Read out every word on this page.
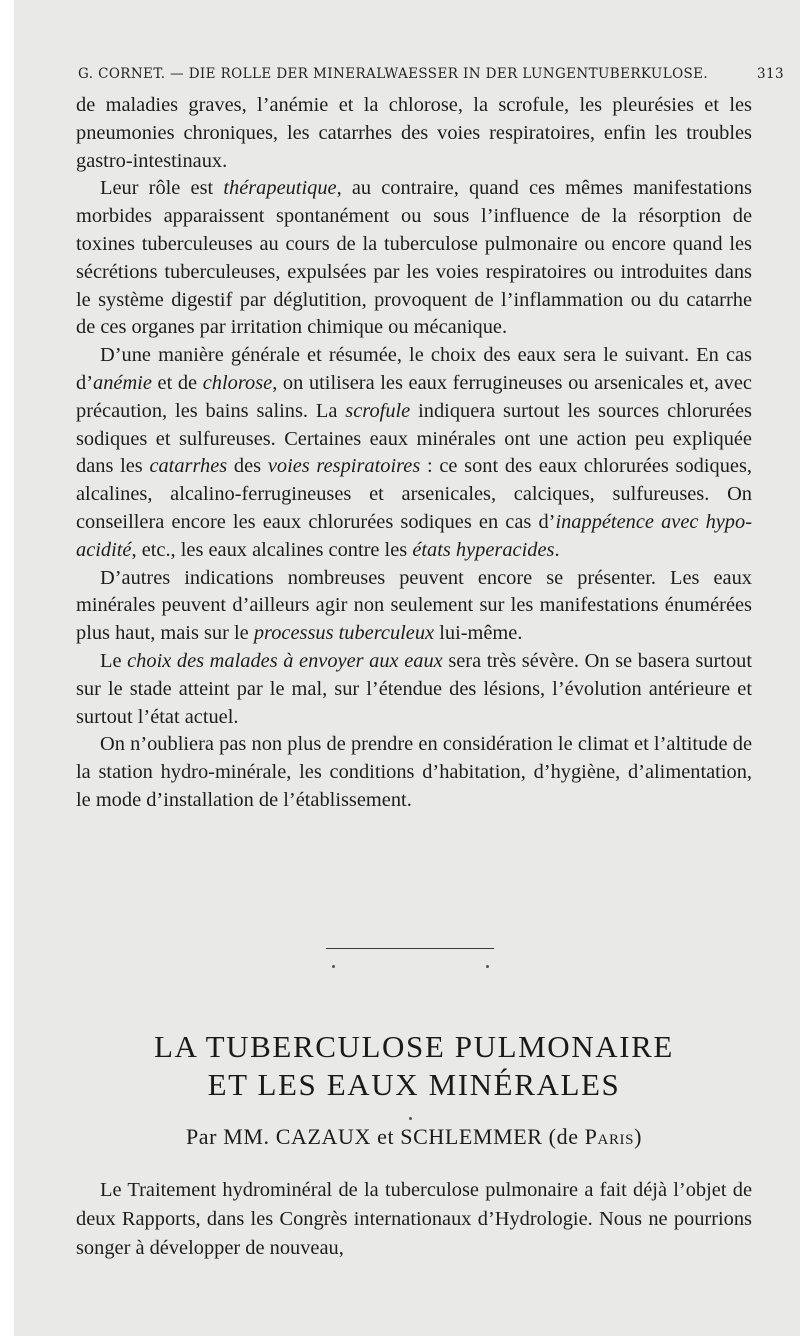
G. CORNET. — DIE ROLLE DER MINERALWAESSER IN DER LUNGENTUBERKULOSE.	313

de maladies graves, l’anémie et la chlorose, la scrofule, les pleurésies et les pneumonies chroniques, les catarrhes des voies respiratoires, enfin les troubles gastro-intestinaux.

Leur rôle est thérapeutique, au contraire, quand ces mêmes manifestations morbides apparaissent spontanément ou sous l’influence de la résorption de toxines tuberculeuses au cours de la tuberculose pulmonaire ou encore quand les sécrétions tuberculeuses, expulsées par les voies respiratoires ou introduites dans le système digestif par déglutition, provoquent de l’inflammation ou du catarrhe de ces organes par irritation chimique ou mécanique.

D’une manière générale et résumée, le choix des eaux sera le suivant. En cas d’anémie et de chlorose, on utilisera les eaux ferrugineuses ou arsenicales et, avec précaution, les bains salins. La scrofule indiquera surtout les sources chlorurées sodiques et sulfureuses. Certaines eaux minérales ont une action peu expliquée dans les catarrhes des voies respiratoires : ce sont des eaux chlorurées sodiques, alcalines, alcalino-ferrugineuses et arsenicales, calciques, sulfureuses. On conseillera encore les eaux chlorurées sodiques en cas d’inappétence avec hypo-acidité, etc., les eaux alcalines contre les états hyperacides.

D’autres indications nombreuses peuvent encore se présenter. Les eaux minérales peuvent d’ailleurs agir non seulement sur les manifestations énumérées plus haut, mais sur le processus tuberculeux lui-même.

Le choix des malades à envoyer aux eaux sera très sévère. On se basera surtout sur le stade atteint par le mal, sur l’étendue des lésions, l’évolution antérieure et surtout l’état actuel.

On n’oubliera pas non plus de prendre en considération le climat et l’altitude de la station hydro-minérale, les conditions d’habitation, d’hygiène, d’alimentation, le mode d’installation de l’établissement.

LA TUBERCULOSE PULMONAIRE
ET LES EAUX MINÉRALES
Par MM. CAZAUX et SCHLEMMER (de Paris)

Le Traitement hydrominéral de la tuberculose pulmonaire a fait déjà l’objet de deux Rapports, dans les Congrès internationaux d’Hydrologie. Nous ne pourrions songer à développer de nouveau,
